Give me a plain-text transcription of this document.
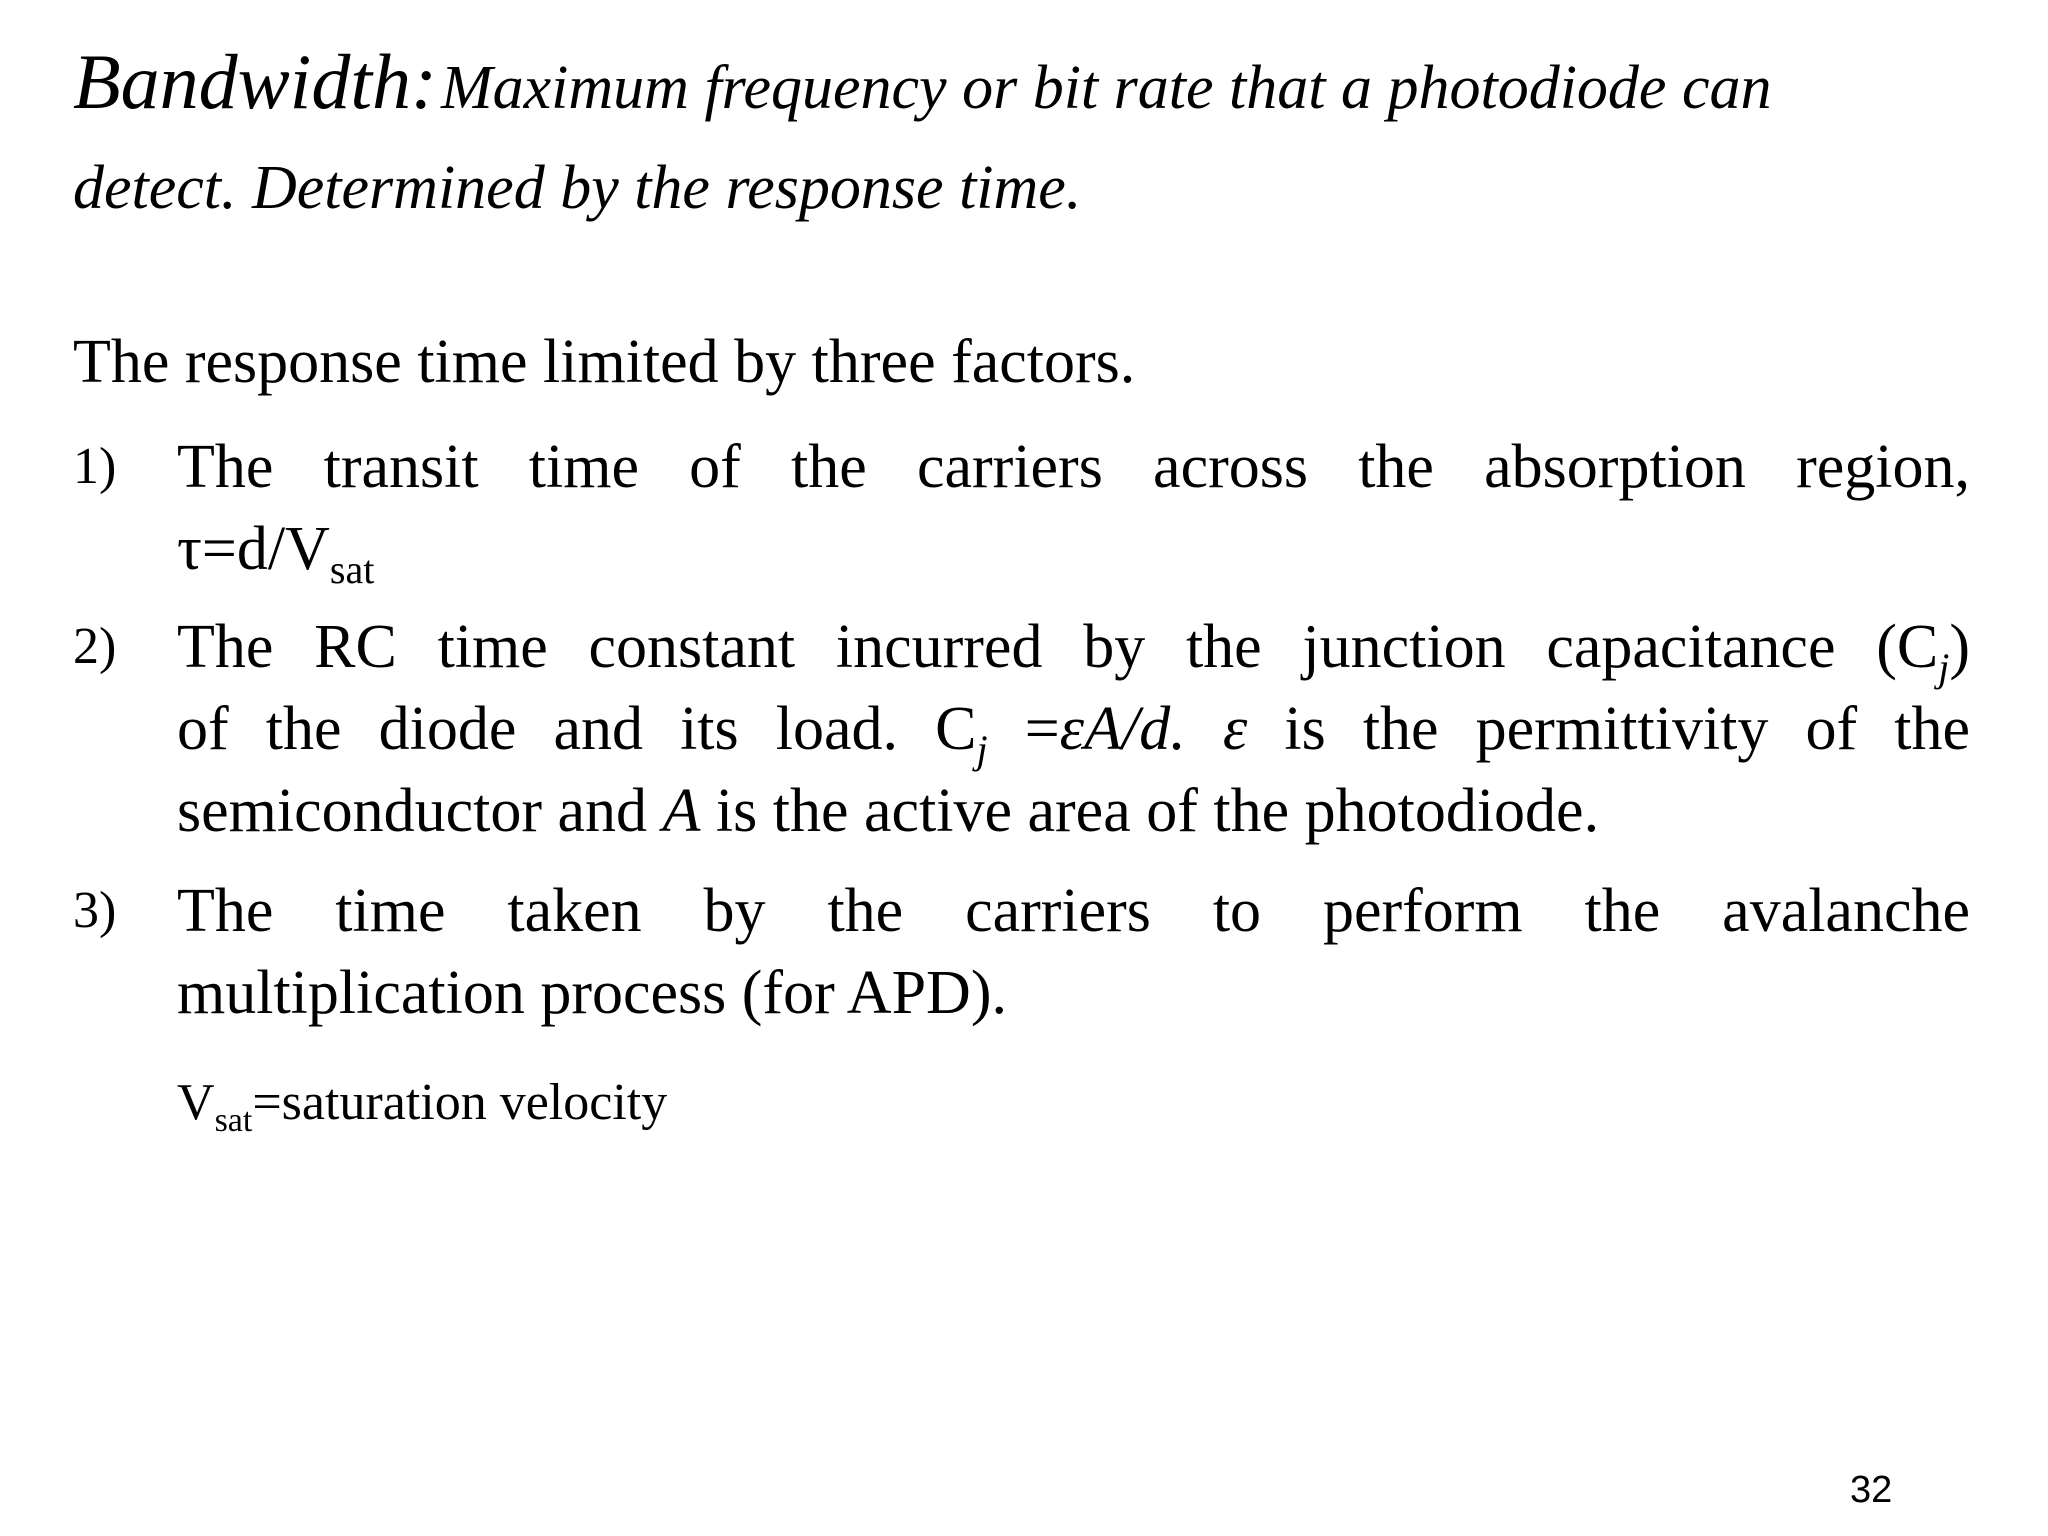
Bandwidth: Maximum frequency or bit rate that a photodiode can
detect. Determined by the response time.
The response time limited by three factors.
1) The transit time of the carriers across the absorption region,
$\tau=d/V_{sat}$
2) The RC time constant incurred by the junction capacitance $(C_j)$
of the diode and its load. $C_j =\varepsilon A/d$. ε is the permittivity of the
semiconductor and A is the active area of the photodiode.
3) The time taken by the carriers to perform the avalanche
multiplication process (for APD).
$V_{sat}=saturation$ velocity
32
